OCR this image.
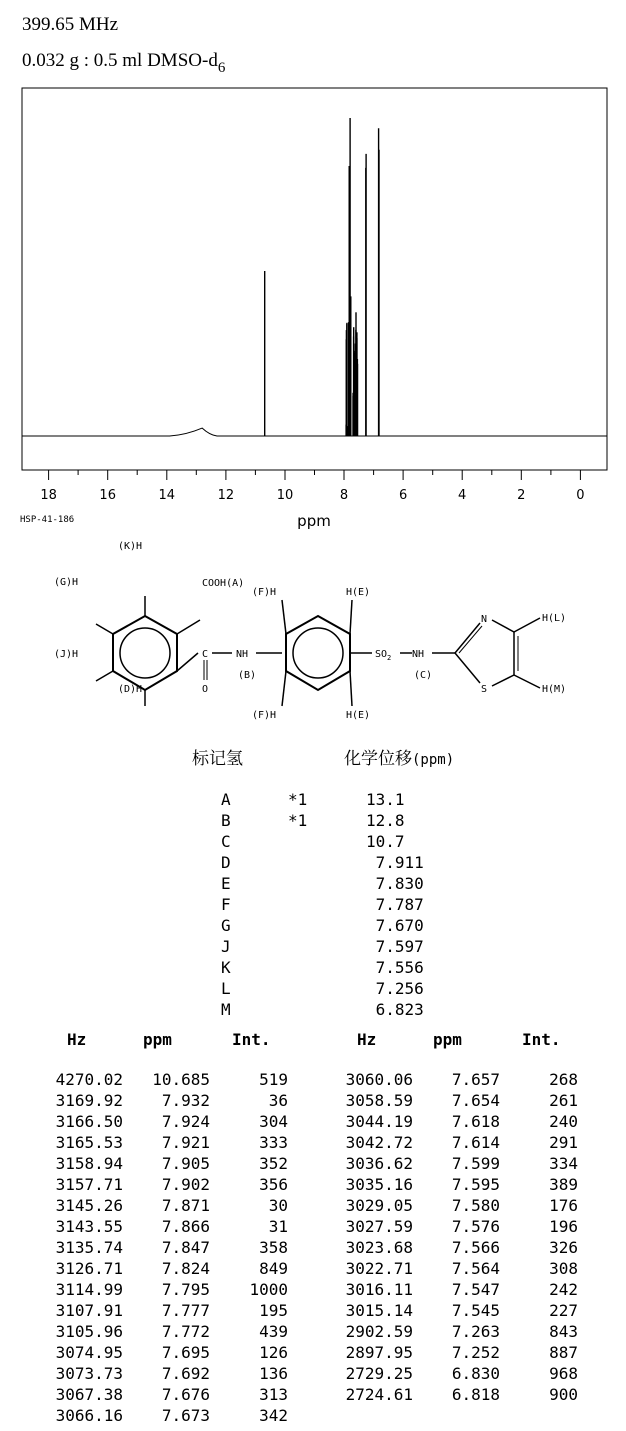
399.65 MHz
0.032 g : 0.5 ml DMSO-$d_6$
18	16	14	12	10	8	6	4	2	0
ppm
HSP-41-186
(K)H
(G)H
(J)H
(D)H
COOH(A)
C
O
NH
(B)
(F)H
(F)H
H(E)
H(E)
$SO_2$ NH
(C)
N
S
H(L)
H(M)
标记氢	化学位移(ppm)
A	*1	13.1
B	*1	12.8
C	10.7
D	7.911
E	7.830
F	7.787
G	7.670
J	7.597
K	7.556
L	7.256
M	6.823
Hz	ppm	Int.	Hz	ppm	Int.
4270.02 10.685	519
3169.92 7.932	36
3166.50 7.924	304
3165.53 7.921	333
3158.94 7.905	352
3157.71 7.902	356
3145.26 7.871	30
3143.55 7.866	31
3135.74 7.847	358
3126.71 7.824	849
3114.99 7.795 1000
3107.91 7.777	195
3105.96 7.772	439
3074.95 7.695	126
3073.73 7.692	136
3067.38 7.676	313
3066.16 7.673	342
3060.06 7.657	268
3058.59 7.654	261
3044.19 7.618	240
3042.72 7.614	291
3036.62 7.599	334
3035.16 7.595	389
3029.05 7.580	176
3027.59 7.576	196
3023.68 7.566	326
3022.71 7.564	308
3016.11 7.547	242
3015.14 7.545	227
2902.59 7.263	843
2897.95 7.252	887
2729.25 6.830	968
2724.61 6.818	900
